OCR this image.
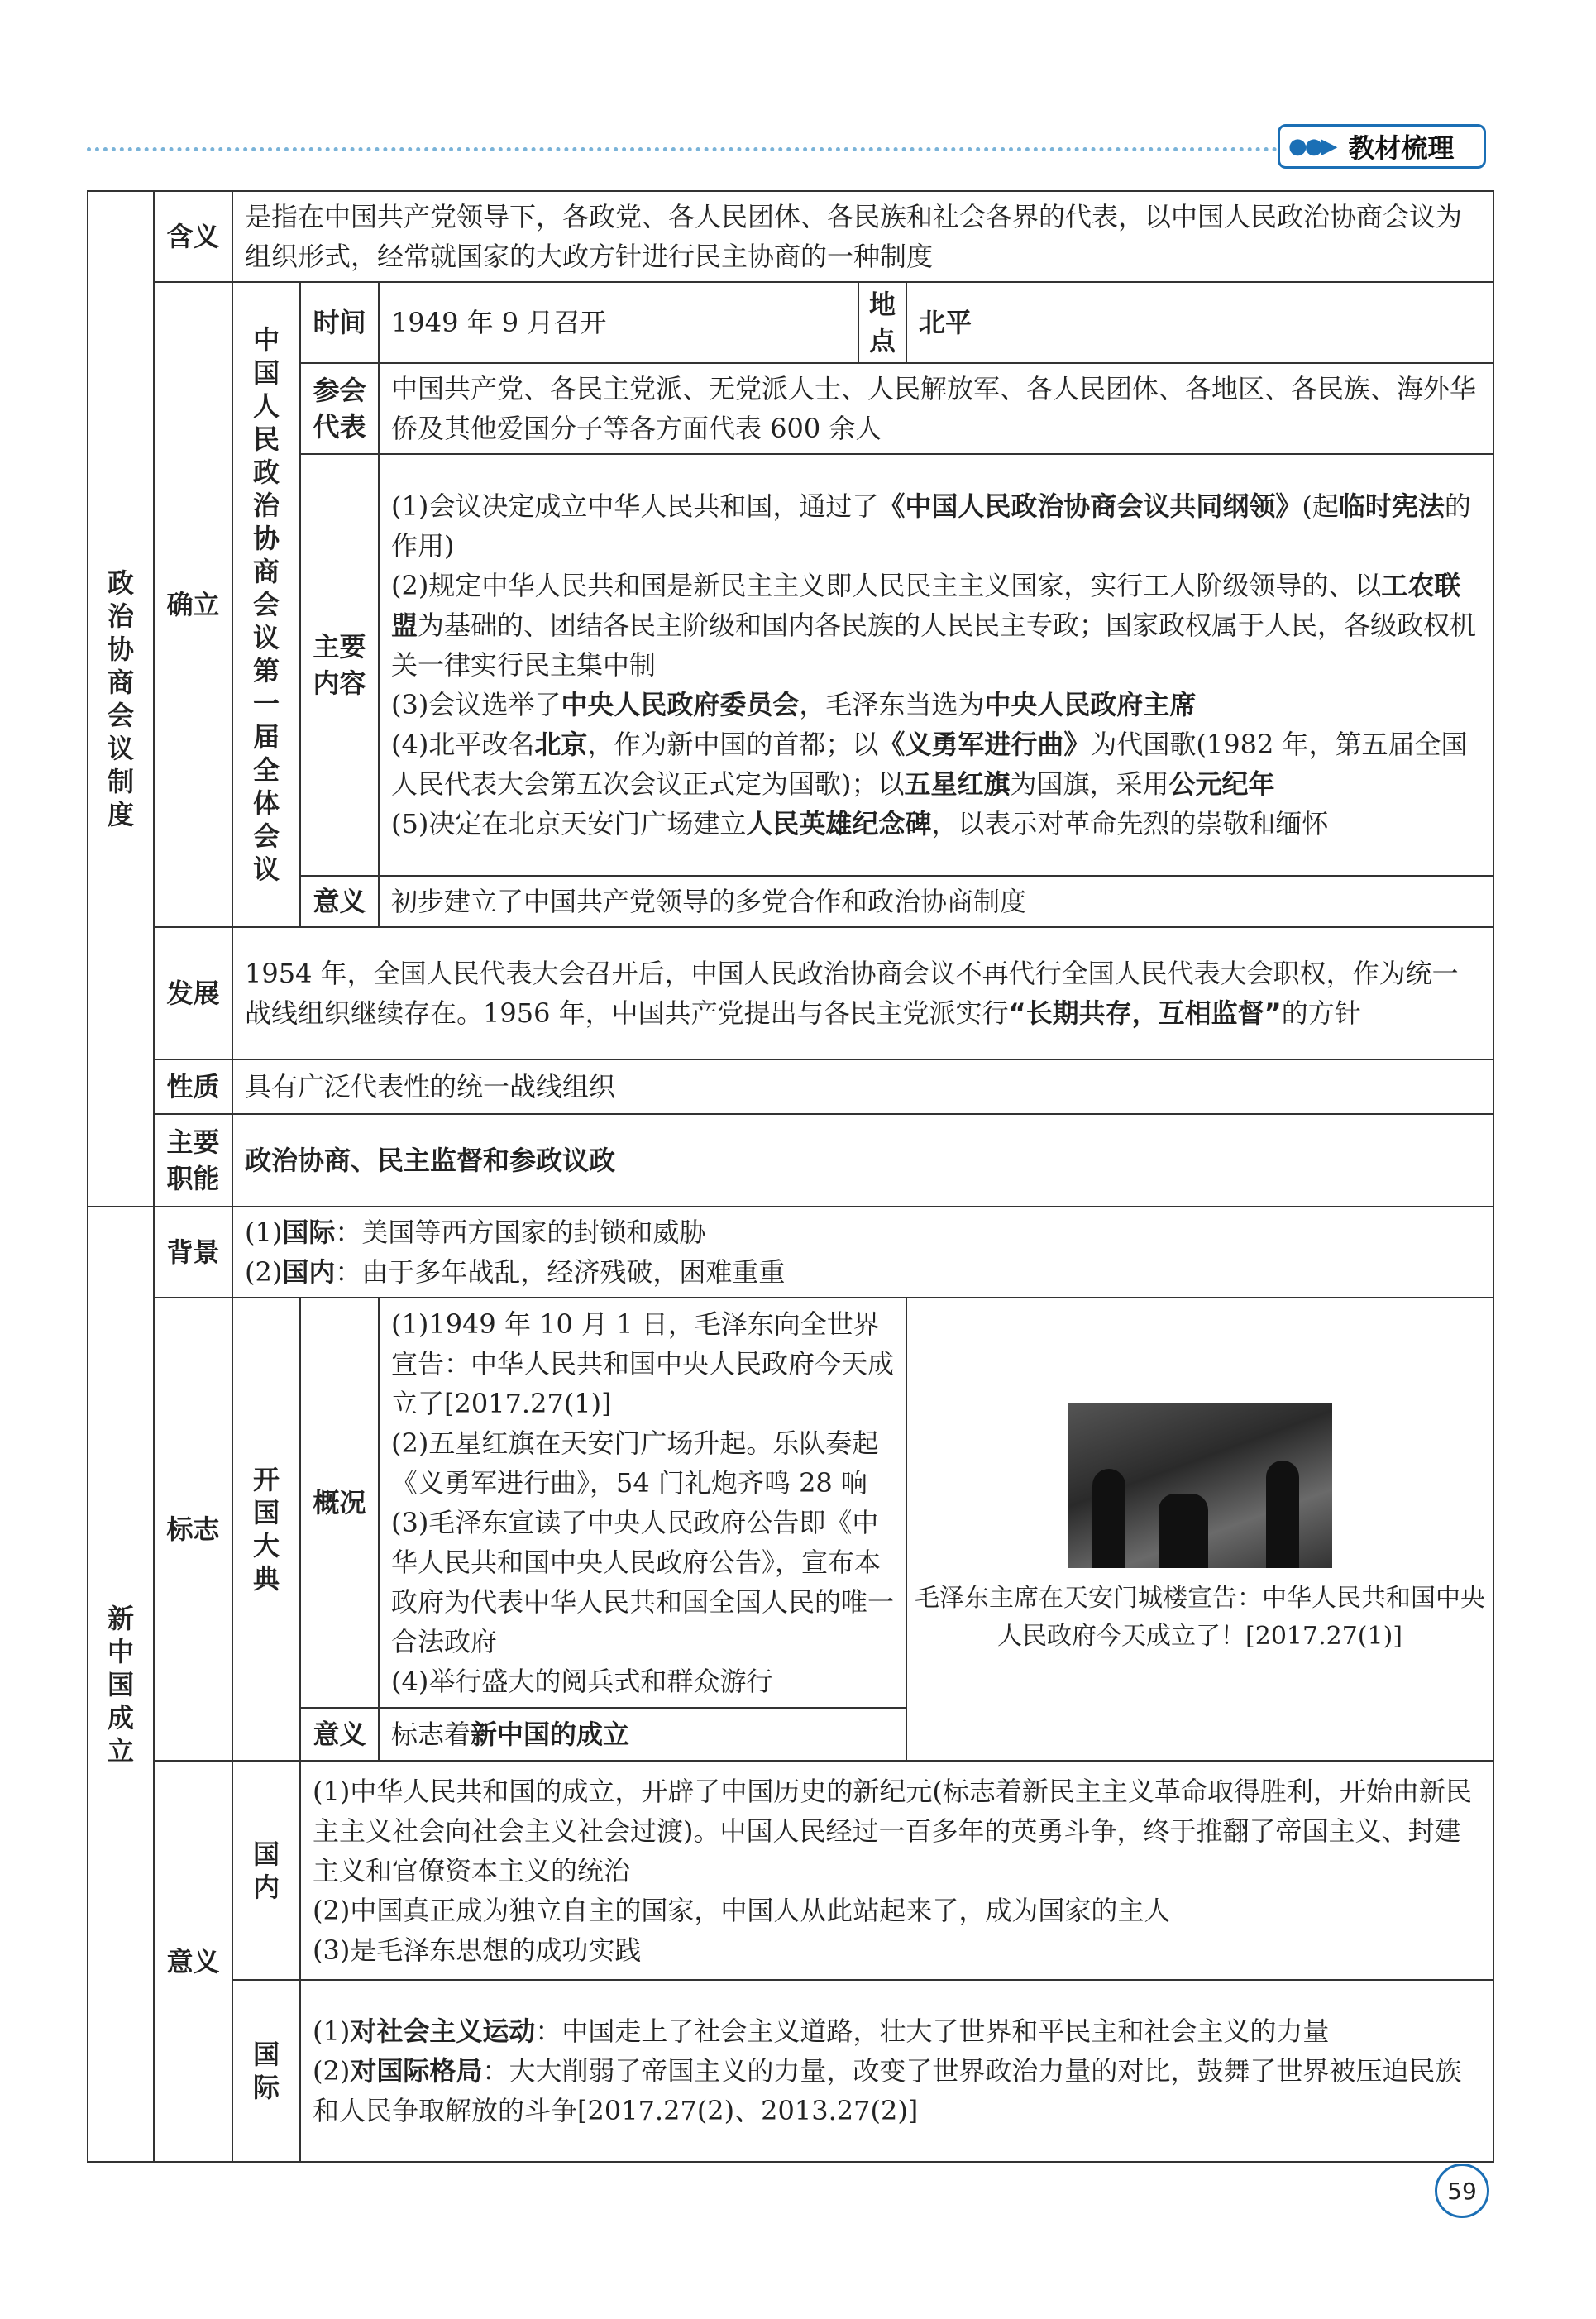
●●▶ 教材梳理
政治协商会议制度	含义	是指在中国共产党领导下，各政党、各人民团体、各民族和社会各界的代表，以中国人民政治协商会议为组织形式，经常就国家的大政方针进行民主协商的一种制度				
	确立	中国人民政治协商会议第一届全体会议	时间	1949 年 9 月召开	地点	北平
			参会代表	中国共产党、各民主党派、无党派人士、人民解放军、各人民团体、各地区、各民族、海外华侨及其他爱国分子等各方面代表 600 余人		
			主要内容	(1)会议决定成立中华人民共和国，通过了《中国人民政治协商会议共同纲领》(起临时宪法的作用)
(2)规定中华人民共和国是新民主主义即人民民主主义国家，实行工人阶级领导的、以工农联盟为基础的、团结各民主阶级和国内各民族的人民民主专政；国家政权属于人民，各级政权机关一律实行民主集中制
(3)会议选举了中央人民政府委员会，毛泽东当选为中央人民政府主席
(4)北平改名北京，作为新中国的首都；以《义勇军进行曲》为代国歌(1982 年，第五届全国人民代表大会第五次会议正式定为国歌)；以五星红旗为国旗，采用公元纪年
(5)决定在北京天安门广场建立人民英雄纪念碑，以表示对革命先烈的崇敬和缅怀		

			意义	初步建立了中国共产党领导的多党合作和政治协商制度		

	发展	1954 年，全国人民代表大会召开后，中国人民政治协商会议不再代行全国人民代表大会职权，作为统一战线组织继续存在。1956 年，中国共产党提出与各民主党派实行“长期共存，互相监督”的方针				
	性质	具有广泛代表性的统一战线组织				
	主要职能	政治协商、民主监督和参政议政				

新中国成立	背景	(1)国际：美国等西方国家的封锁和威胁
(2)国内：由于多年战乱，经济残破，困难重重				

	标志	开国大典	概况	(1)1949 年 10 月 1 日，毛泽东向全世界宣告：中华人民共和国中央人民政府今天成立了[2017.27(1)]
(2)五星红旗在天安门广场升起。乐队奏起《义勇军进行曲》，54 门礼炮齐鸣 28 响
(3)毛泽东宣读了中央人民政府公告即《中华人民共和国中央人民政府公告》，宣布本政府为代表中华人民共和国全国人民的唯一合法政府
(4)举行盛大的阅兵式和群众游行		毛泽东主席在天安门城楼宣告：中华人民共和国中央人民政府今天成立了！[2017.27(1)]

			意义	标志着新中国的成立		
	意义	国内	(1)中华人民共和国的成立，开辟了中国历史的新纪元(标志着新民主主义革命取得胜利，开始由新民主主义社会向社会主义社会过渡)。中国人民经过一百多年的英勇斗争，终于推翻了帝国主义、封建主义和官僚资本主义的统治
(2)中国真正成为独立自主的国家，中国人从此站起来了，成为国家的主人
(3)是毛泽东思想的成功实践			

		国际	(1)对社会主义运动：中国走上了社会主义道路，壮大了世界和平民主和社会主义的力量
(2)对国际格局：大大削弱了帝国主义的力量，改变了世界政治力量的对比，鼓舞了世界被压迫民族和人民争取解放的斗争[2017.27(2)、2013.27(2)]			
59
